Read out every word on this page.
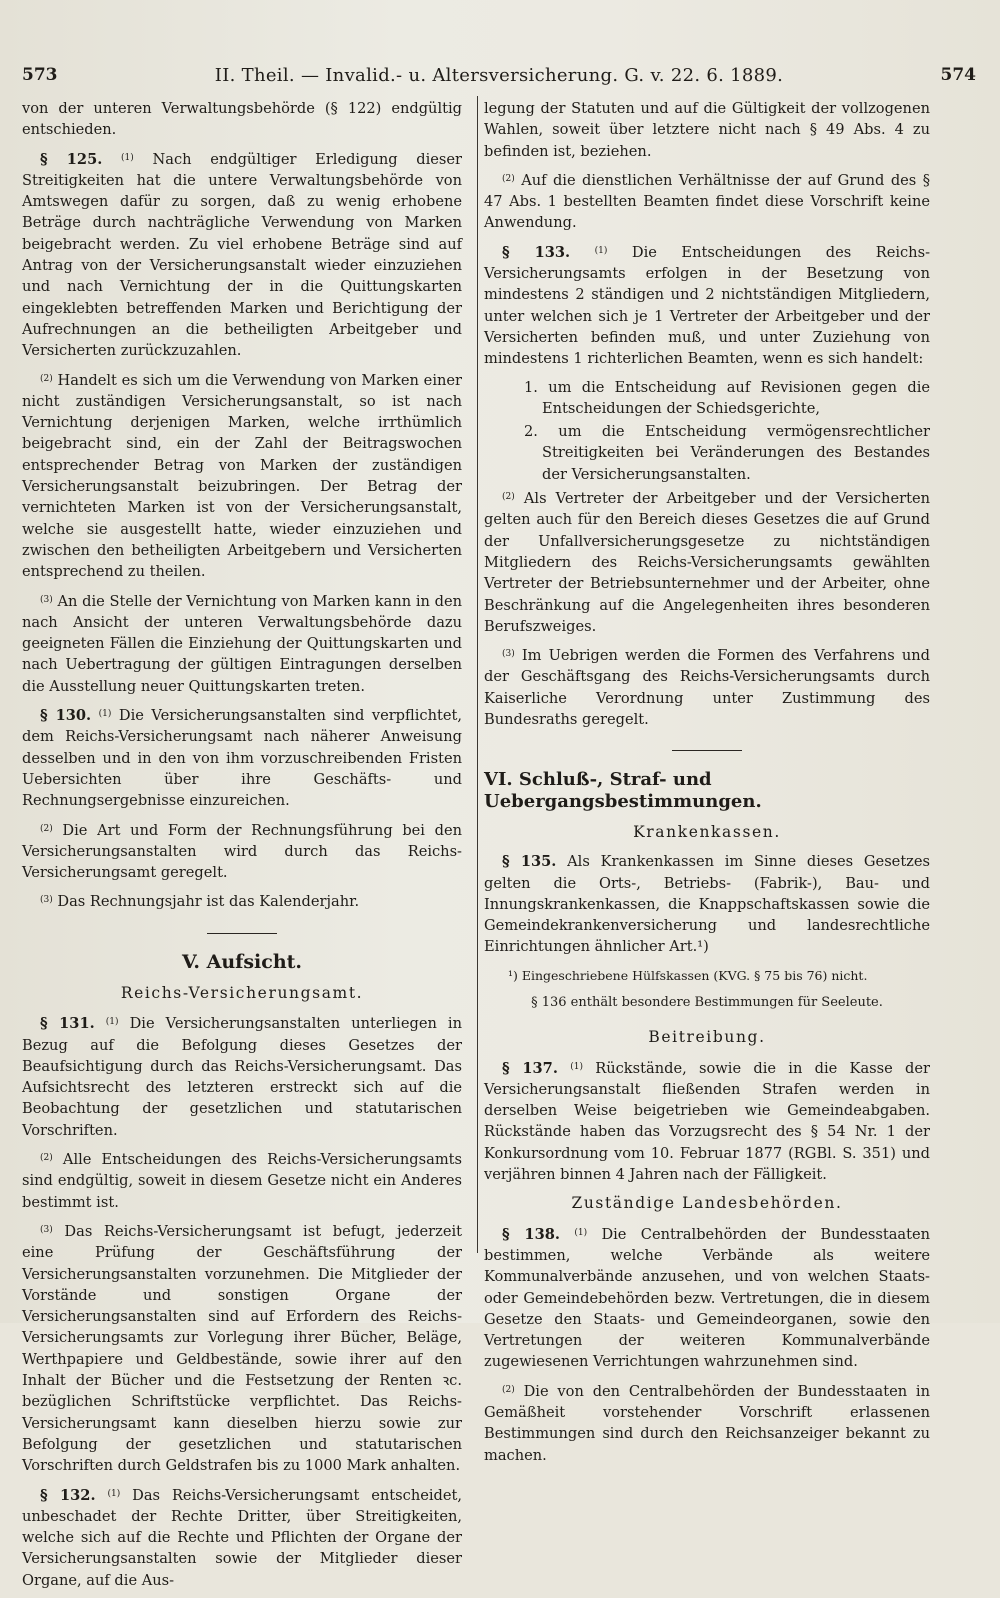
573	II. Theil. — Invalid.- u. Altersversicherung. G. v. 22. 6. 1889.	574

von der unteren Verwaltungsbehörde (§ 122) endgültig entschieden.

§ 125. $^{(1)}$ Nach endgültiger Erledigung dieser Streitigkeiten hat die untere Verwaltungsbehörde von Amtswegen dafür zu sorgen, daß zu wenig erhobene Beträge durch nachträgliche Verwendung von Marken beigebracht werden. Zu viel erhobene Beträge sind auf Antrag von der Versicherungsanstalt wieder einzuziehen und nach Vernichtung der in die Quittungskarten eingeklebten betreffenden Marken und Berichtigung der Aufrechnungen an die betheiligten Arbeitgeber und Versicherten zurückzuzahlen.

$^{(2)}$ Handelt es sich um die Verwendung von Marken einer nicht zuständigen Versicherungsanstalt, so ist nach Vernichtung derjenigen Marken, welche irrthümlich beigebracht sind, ein der Zahl der Beitragswochen entsprechender Betrag von Marken der zuständigen Versicherungsanstalt beizubringen. Der Betrag der vernichteten Marken ist von der Versicherungsanstalt, welche sie ausgestellt hatte, wieder einzuziehen und zwischen den betheiligten Arbeitgebern und Versicherten entsprechend zu theilen.

$^{(3)}$ An die Stelle der Vernichtung von Marken kann in den nach Ansicht der unteren Verwaltungsbehörde dazu geeigneten Fällen die Einziehung der Quittungskarten und nach Uebertragung der gültigen Eintragungen derselben die Ausstellung neuer Quittungskarten treten.

§ 130. $^{(1)}$ Die Versicherungsanstalten sind verpflichtet, dem Reichs-Versicherungsamt nach näherer Anweisung desselben und in den von ihm vorzuschreibenden Fristen Uebersichten über ihre Geschäfts- und Rechnungsergebnisse einzureichen.

$^{(2)}$ Die Art und Form der Rechnungsführung bei den Versicherungsanstalten wird durch das Reichs-Versicherungsamt geregelt.

$^{(3)}$ Das Rechnungsjahr ist das Kalenderjahr.

V. Aufsicht.
Reichs-Versicherungsamt.

§ 131. $^{(1)}$ Die Versicherungsanstalten unterliegen in Bezug auf die Befolgung dieses Gesetzes der Beaufsichtigung durch das Reichs-Versicherungsamt. Das Aufsichtsrecht des letzteren erstreckt sich auf die Beobachtung der gesetzlichen und statutarischen Vorschriften.

$^{(2)}$ Alle Entscheidungen des Reichs-Versicherungsamts sind endgültig, soweit in diesem Gesetze nicht ein Anderes bestimmt ist.

$^{(3)}$ Das Reichs-Versicherungsamt ist befugt, jederzeit eine Prüfung der Geschäftsführung der Versicherungsanstalten vorzunehmen. Die Mitglieder der Vorstände und sonstigen Organe der Versicherungsanstalten sind auf Erfordern des Reichs-Versicherungsamts zur Vorlegung ihrer Bücher, Beläge, Werthpapiere und Geldbestände, sowie ihrer auf den Inhalt der Bücher und die Festsetzung der Renten ꝛc. bezüglichen Schriftstücke verpflichtet. Das Reichs-Versicherungsamt kann dieselben hierzu sowie zur Befolgung der gesetzlichen und statutarischen Vorschriften durch Geldstrafen bis zu 1000 Mark anhalten.

§ 132. $^{(1)}$ Das Reichs-Versicherungsamt entscheidet, unbeschadet der Rechte Dritter, über Streitigkeiten, welche sich auf die Rechte und Pflichten der Organe der Versicherungsanstalten sowie der Mitglieder dieser Organe, auf die Aus-

legung der Statuten und auf die Gültigkeit der vollzogenen Wahlen, soweit über letztere nicht nach § 49 Abs. 4 zu befinden ist, beziehen.

$^{(2)}$ Auf die dienstlichen Verhältnisse der auf Grund des § 47 Abs. 1 bestellten Beamten findet diese Vorschrift keine Anwendung.

§ 133.	$^{(1)}$ Die Entscheidungen des Reichs-Versicherungsamts erfolgen in der Besetzung von mindestens 2 ständigen und 2 nichtständigen Mitgliedern, unter welchen sich je 1 Vertreter der Arbeitgeber und der Versicherten befinden muß, und unter Zuziehung von mindestens 1 richterlichen Beamten, wenn es sich handelt:

1. um die Entscheidung auf Revisionen gegen die Entscheidungen der Schiedsgerichte,

2. um die Entscheidung vermögensrechtlicher Streitigkeiten bei Veränderungen des Bestandes der Versicherungsanstalten.

$^{(2)}$ Als Vertreter der Arbeitgeber und der Versicherten gelten auch für den Bereich dieses Gesetzes die auf Grund der Unfallversicherungsgesetze zu nichtständigen Mitgliedern des Reichs-Versicherungsamts gewählten Vertreter der Betriebsunternehmer und der Arbeiter, ohne Beschränkung auf die Angelegenheiten ihres besonderen Berufszweiges.

$^{(3)}$ Im Uebrigen werden die Formen des Verfahrens und der Geschäftsgang des Reichs-Versicherungsamts durch Kaiserliche Verordnung unter Zustimmung des Bundesraths geregelt.

VI. Schluß-, Straf- und Uebergangsbestimmungen.
Krankenkassen.

§ 135. Als Krankenkassen im Sinne dieses Gesetzes gelten die Orts-, Betriebs- (Fabrik-), Bau- und Innungskrankenkassen, die Knappschaftskassen sowie die Gemeindekrankenversicherung und landesrechtliche Einrichtungen ähnlicher Art.¹)

¹) Eingeschriebene Hülfskassen (KVG. § 75 bis 76) nicht.

§ 136 enthält besondere Bestimmungen für Seeleute.

Beitreibung.

§ 137. $^{(1)}$ Rückstände, sowie die in die Kasse der Versicherungsanstalt fließenden Strafen werden in derselben Weise beigetrieben wie Gemeindeabgaben. Rückstände haben das Vorzugsrecht des § 54 Nr. 1 der Konkursordnung vom 10. Februar 1877 (RGBl. S. 351) und verjähren binnen 4 Jahren nach der Fälligkeit.

Zuständige Landesbehörden.

§ 138. $^{(1)}$ Die Centralbehörden der Bundesstaaten bestimmen, welche Verbände als weitere Kommunalverbände anzusehen, und von welchen Staats- oder Gemeindebehörden bezw. Vertretungen, die in diesem Gesetze den Staats- und Gemeindeorganen, sowie den Vertretungen der weiteren Kommunalverbände zugewiesenen Verrichtungen wahrzunehmen sind.

$^{(2)}$ Die von den Centralbehörden der Bundesstaaten in Gemäßheit vorstehender Vorschrift erlassenen Bestimmungen sind durch den Reichsanzeiger bekannt zu machen.
